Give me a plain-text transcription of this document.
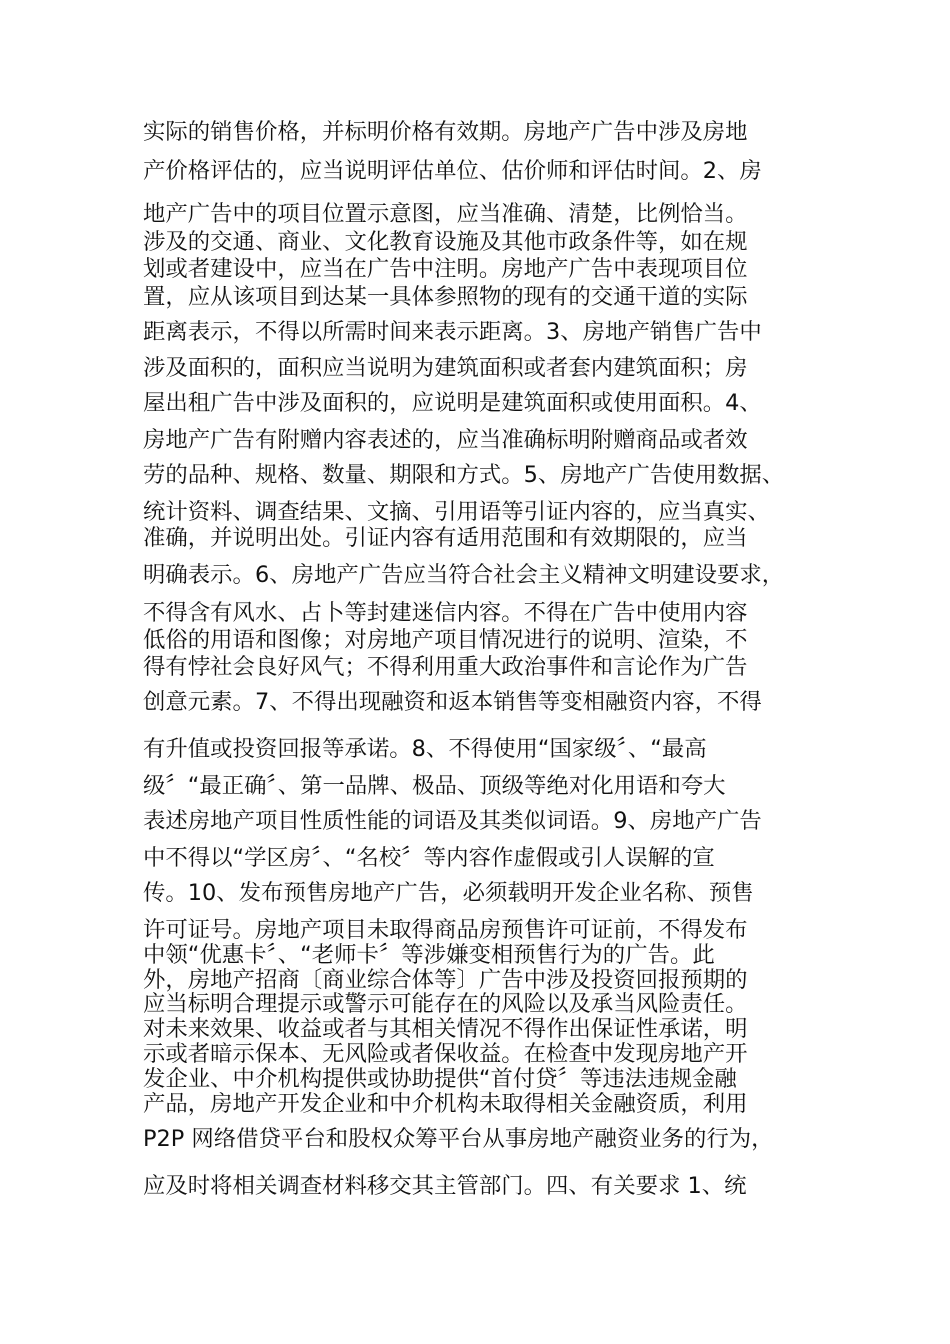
实际的销售价格，并标明价格有效期。房地产广告中涉及房地
产价格评估的，应当说明评估单位、估价师和评估时间。2、房
地产广告中的项目位置示意图，应当准确、清楚，比例恰当。
涉及的交通、商业、文化教育设施及其他市政条件等，如在规
划或者建设中，应当在广告中注明。房地产广告中表现项目位
置，应从该项目到达某一具体参照物的现有的交通干道的实际
距离表示，不得以所需时间来表示距离。3、房地产销售广告中
涉及面积的，面积应当说明为建筑面积或者套内建筑面积；房
屋出租广告中涉及面积的，应说明是建筑面积或使用面积。4、
房地产广告有附赠内容表述的，应当准确标明附赠商品或者效
劳的品种、规格、数量、期限和方式。5、房地产广告使用数据、
统计资料、调查结果、文摘、引用语等引证内容的，应当真实、
准确，并说明出处。引证内容有适用范围和有效期限的，应当
明确表示。6、房地产广告应当符合社会主义精神文明建设要求，
不得含有风水、占卜等封建迷信内容。不得在广告中使用内容
低俗的用语和图像；对房地产项目情况进行的说明、渲染，不
得有悖社会良好风气；不得利用重大政治事件和言论作为广告
创意元素。7、不得出现融资和返本销售等变相融资内容，不得
有升值或投资回报等承诺。8、不得使用“国家级〞、“最高
级〞“最正确〞、第一品牌、极品、顶级等绝对化用语和夸大
表述房地产项目性质性能的词语及其类似词语。9、房地产广告
中不得以“学区房〞、“名校〞等内容作虚假或引人误解的宣
传。10、发布预售房地产广告，必须载明开发企业名称、预售
许可证号。房地产项目未取得商品房预售许可证前，不得发布
中领“优惠卡〞、“老师卡〞等涉嫌变相预售行为的广告。此
外，房地产招商〔商业综合体等〕广告中涉及投资回报预期的
应当标明合理提示或警示可能存在的风险以及承当风险责任。
对未来效果、收益或者与其相关情况不得作出保证性承诺，明
示或者暗示保本、无风险或者保收益。在检查中发现房地产开
发企业、中介机构提供或协助提供“首付贷〞等违法违规金融
产品，房地产开发企业和中介机构未取得相关金融资质，利用
P2P 网络借贷平台和股权众筹平台从事房地产融资业务的行为，
应及时将相关调查材料移交其主管部门。四、有关要求 1、统
